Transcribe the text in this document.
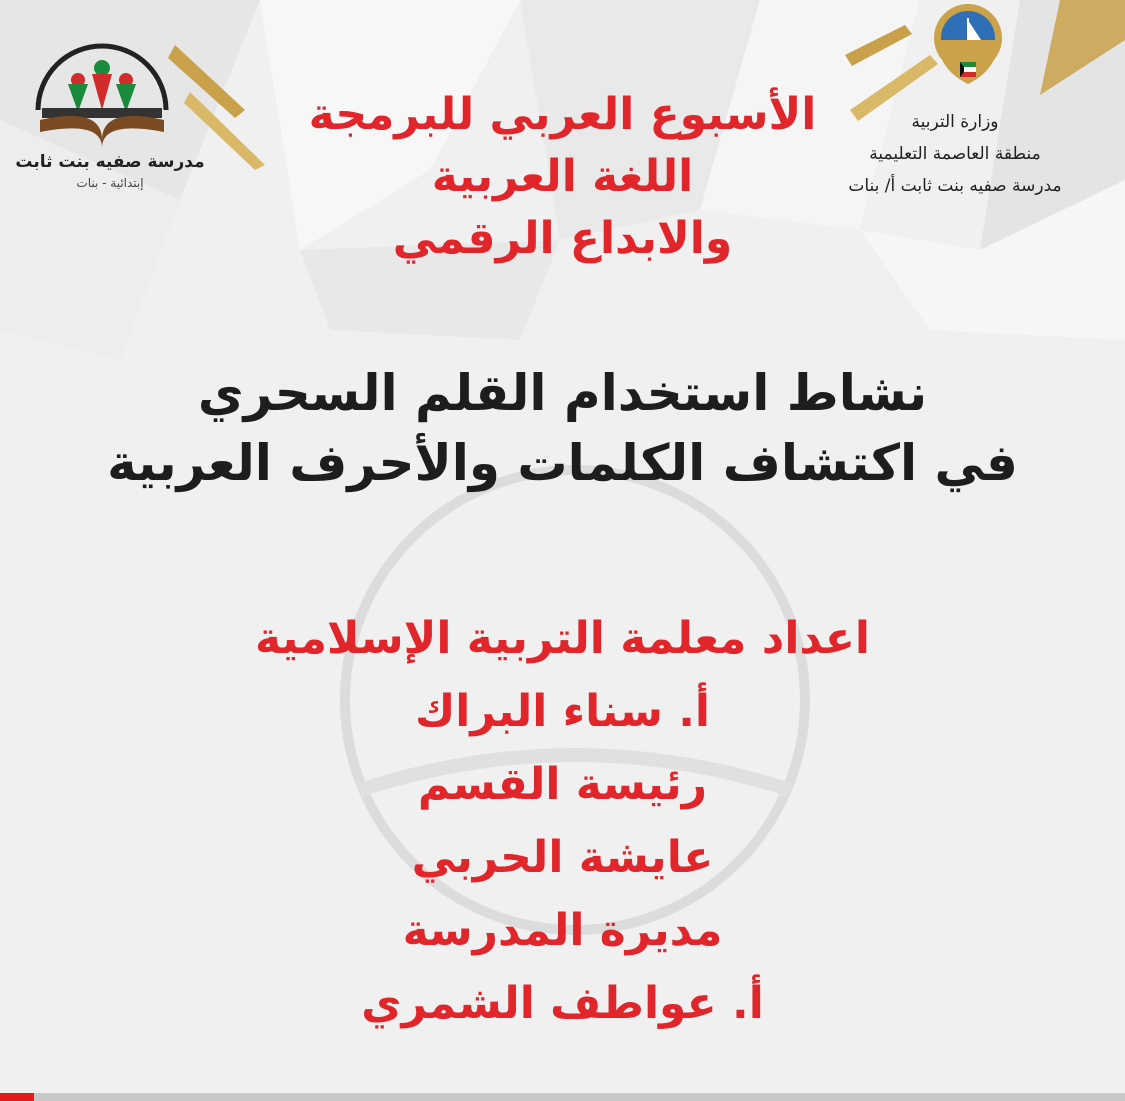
مدرسة صفيه بنت ثابت
إبتدائية - بنات
وزارة التربية
منطقة العاصمة التعليمية
مدرسة صفيه بنت ثابت أ/ بنات
الأسبوع العربي للبرمجة
اللغة العربية
والابداع الرقمي
نشاط استخدام القلم السحري
في اكتشاف الكلمات والأحرف العربية
اعداد معلمة التربية الإسلامية
أ. سناء البراك
رئيسة القسم
عايشة الحربي
مديرة المدرسة
أ. عواطف الشمري
